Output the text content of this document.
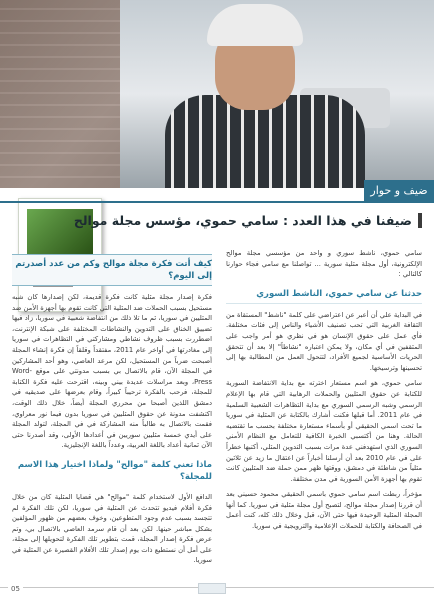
ضيف و حوار
ضيفنا في هذا العدد : سامي حموي، مؤسس مجلة موالح

سامي حموي، ناشط سوري و واحد من مؤسسي مجلة موالح الإلكترونية، أول مجلة مثلية سورية ... تواصلنا مع سامي فجاء حوارنا كالتالي :

حدثنا عن سامي حموي، الناشط السوري

في البداية علي أن أعبر عن اعتراضي على كلمة "ناشط" المستقاة من الثقافة الغربية التي تحب تصنيف الأشياء والناس إلى فئات مختلفة. فأي عمل على حقوق الإنسان هو في نظري هو أمر واجب على المثقفين في أي مكان، ولا يمكن اعتباره "نشاطاً" إلا بعد أن تتحقق الحريات الأساسية لجميع الأفراد، لتتحول العمل من المطالبة بها إلى تحسينها وترسيخها.

سامي حموي، هو اسم مستعار اخترته مع بداية الانتفاضة السورية للكتابة عن حقوق المثليين والحملات الرهابية التي قام بها الإعلام الرسمي وشبه الرسمي السوري مع بداية التظاهرات الشعبية السلمية في عام 2011. أما قبلها فكنت أشارك بالكتابة عن المثلية في سوريا ما تحت اسمي الحقيقي أو بأسماء مستعارة مختلفة بحسب ما تقتضيه الحالة. وهنا من أكتسبي الخبرة الكافية للتعامل مع النظام الأمني السوري الذي استهدفني عدة مرات بسبب التدوين المثلي، أكتبها خطراً على في عام 2010 بعد أن أرسلنا أخباراً عن اعتقال ما زيد عن ثلاثين مثلياً من شاطئة في دمشق، ووقتها ظهر ممن حملة ضد المثليين كانت تقوم بها أجهزة الأمن السورية في مدن مختلفة.

مؤخراً، ربطت اسم سامي حموي باسمي الحقيقي محمود حسيني بعد أن قررنا إصدار مجلة موالح، لتصبح أول مجلة مثلية في سوريا. كما أنها المجلة المثلية الوحيدة فيها حتى الآن، قبل وخلال ذلك كله، كنت أعمل في الصحافة والكتابة للحملات الإعلامية والترويجية في سوريا.

كيف أتت فكرة مجلة موالح وكم من عدد أصدرتم إلى اليوم؟

فكرة إصدار مجلة مثلية كانت فكرة قديمة، لكن إصدارها كان شبه مستحيل بسبب الحملات ضد المثلية التي كانت تقوم بها أجهزة الأمن ضد المثليين في سوريا، ثم ما تلا ذلك من انتفاضة شعبية في سوريا، زاد فيها تضييق الخناق على التدوين والنشاطات المختلفة على شبكة الإنترنت، اضطررت بسبب ظروف نشاطي ومشاركتي في التظاهرات في سوريا إلى مغادرتها في أواخر عام 2011، مفتقداً وقلقاً إن فكرة إنشاء المجلة أصبحت ضرباً من المستحيل، لكن مرعد العاصي، وهو أحد المشاركين في المجلة الآن، قام بالاتصال بي بسبب مدونتي على موقع Word-Press، وبعد مراسلات عديدة بيني وبينه، اقترحت عليه فكرة الكتابة للمجلة، فرحب بالفكرة ترحيباً كبيراً، وقام بعرضها على صديقيه في دمشق اللذين أصبحا من محرري المجلة أيضاً، خلال ذلك الوقت، اكتشفت مدونة عن حقوق المثليين في سوريا بدون فيما نور معراوي، فقمت بالاتصال به طالباً منه المشاركة في في المجلة، لتولد المجلة على أيدي خمسة مثليين سوريين في أعدادها الأولى، وقد أصدرنا حتى الآن ثمانية أعداد باللغة العربية، وعدداً باللغة الإنجليزية.

ماذا تعني كلمة "موالح" ولماذا اختيار هذا الاسم للمجلة؟

الدافع الأول لاستخدام كلمة "موالح" هي قضايا المثلية كان من خلال فكرة أفلام فيديو تتحدث عن المثلية في سوريا، لكن تلك الفكرة لم تتجسد بسبب عدم وجود المتطوعين، وخوف بعضهم من ظهور المؤلفين بشكل مباشر حينها. لكن بعد أن قام سرمد العاصي بالاتصال بي، وتم عرض فكرة إصدار المجلة، قمت بتطوير تلك الفكرة لتحويلها إلى مجلة، على أمل أن نستطيع ذات يوم إصدار تلك الأفلام القصيرة عن المثلية في سوريا.

05
